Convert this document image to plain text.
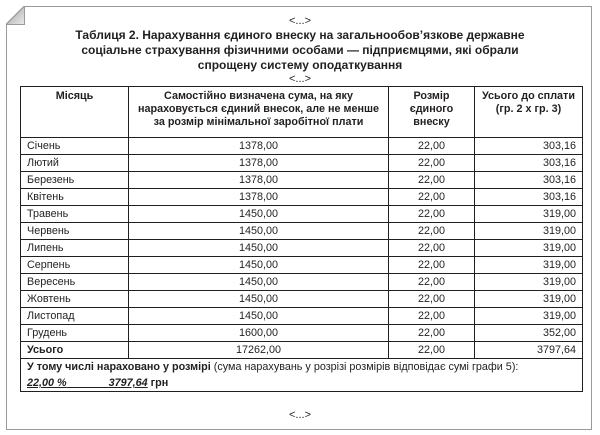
<...>
Таблиця 2. Нарахування єдиного внеску на загальнообов’язкове державне
соціальне страхування фізичними особами — підприємцями, які обрали
спрощену систему оподаткування
<...>
Місяць	Самостійно визначена сума, на яку нараховується єдиний внесок, але не менше за розмір мінімальної заробітної плати	Розмір єдиного внеску	Усього до сплати (гр. 2 х гр. 3)
Січень	1378,00	22,00	303,16
Лютий	1378,00	22,00	303,16
Березень	1378,00	22,00	303,16
Квітень	1378,00	22,00	303,16
Травень	1450,00	22,00	319,00
Червень	1450,00	22,00	319,00
Липень	1450,00	22,00	319,00
Серпень	1450,00	22,00	319,00
Вересень	1450,00	22,00	319,00
Жовтень	1450,00	22,00	319,00
Листопад	1450,00	22,00	319,00
Грудень	1600,00	22,00	352,00
Усього	17262,00	22,00	3797,64

У тому числі нараховано у розмірі (сума нарахувань у розрізі розмірів відповідає сумі графи 5):
22,00 % 3797,64 грн			
<...>
